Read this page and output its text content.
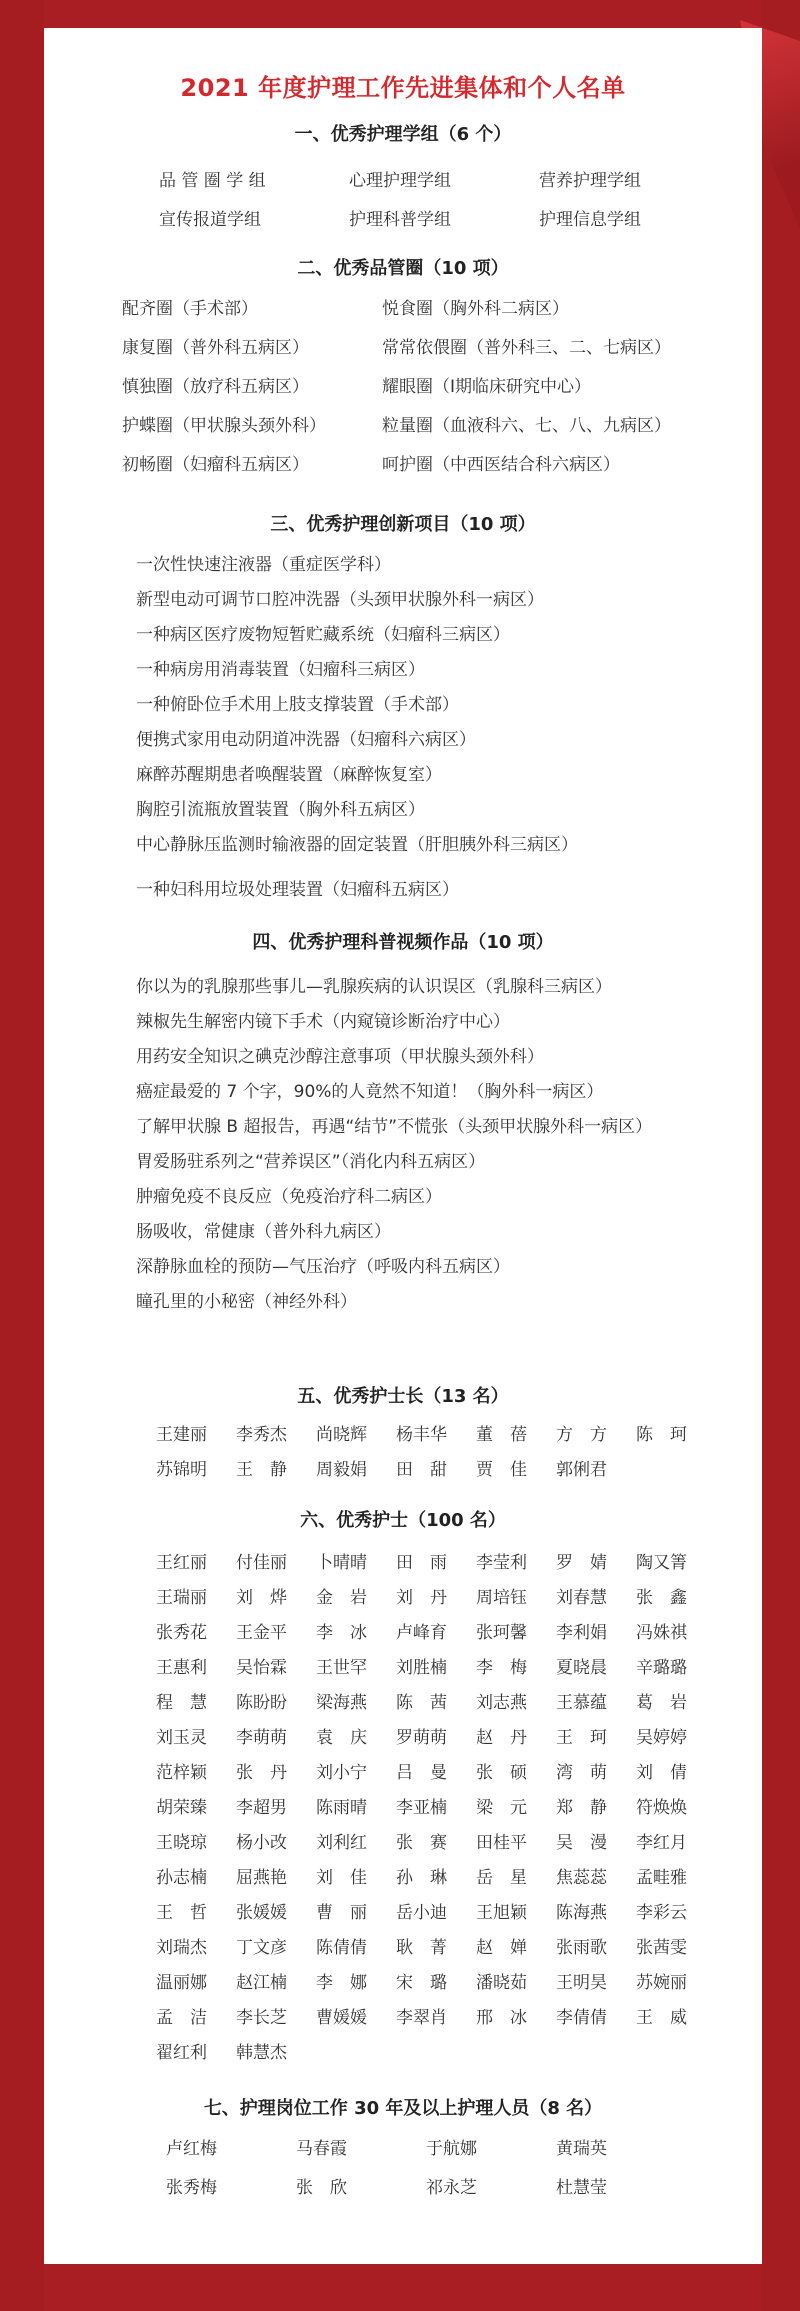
2021 年度护理工作先进集体和个人名单
一、优秀护理学组（6 个）
品 管 圈 学 组	心理护理学组	营养护理学组
宣传报道学组	护理科普学组	护理信息学组
二、优秀品管圈（10 项）
配齐圈（手术部）	悦食圈（胸外科二病区）
康复圈（普外科五病区）	常常依偎圈（普外科三、二、七病区）
慎独圈（放疗科五病区）	耀眼圈（Ⅰ期临床研究中心）
护蝶圈（甲状腺头颈外科）	粒量圈（血液科六、七、八、九病区）
初畅圈（妇瘤科五病区）	呵护圈（中西医结合科六病区）
三、优秀护理创新项目（10 项）
一次性快速注液器（重症医学科）
新型电动可调节口腔冲洗器（头颈甲状腺外科一病区）
一种病区医疗废物短暂贮藏系统（妇瘤科三病区）
一种病房用消毒装置（妇瘤科三病区）
一种俯卧位手术用上肢支撑装置（手术部）
便携式家用电动阴道冲洗器（妇瘤科六病区）
麻醉苏醒期患者唤醒装置（麻醉恢复室）
胸腔引流瓶放置装置（胸外科五病区）
中心静脉压监测时输液器的固定装置（肝胆胰外科三病区）
一种妇科用垃圾处理装置（妇瘤科五病区）
四、优秀护理科普视频作品（10 项）
你以为的乳腺那些事儿—乳腺疾病的认识误区（乳腺科三病区）
辣椒先生解密内镜下手术（内窥镜诊断治疗中心）
用药安全知识之碘克沙醇注意事项（甲状腺头颈外科）
癌症最爱的 7 个字，90%的人竟然不知道！（胸外科一病区）
了解甲状腺 B 超报告，再遇“结节”不慌张（头颈甲状腺外科一病区）
胃爱肠驻系列之“营养误区”（消化内科五病区）
肿瘤免疫不良反应（免疫治疗科二病区）
肠吸收，常健康（普外科九病区）
深静脉血栓的预防—气压治疗（呼吸内科五病区）
瞳孔里的小秘密（神经外科）
五、优秀护士长（13 名）
王建丽	李秀杰	尚晓辉	杨丰华	董　蓓	方　方	陈　珂
苏锦明	王　静	周毅娟	田　甜	贾　佳	郭俐君
六、优秀护士（100 名）
王红丽	付佳丽	卜晴晴	田　雨	李莹利	罗　婧	陶又箐
王瑞丽	刘　烨	金　岩	刘　丹	周培钰	刘春慧	张　鑫
张秀花	王金平	李　冰	卢峰育	张珂馨	李利娟	冯姝祺
王惠利	吴怡霖	王世罕	刘胜楠	李　梅	夏晓晨	辛璐璐
程　慧	陈盼盼	梁海燕	陈　茜	刘志燕	王慕蕴	葛　岩
刘玉灵	李萌萌	袁　庆	罗萌萌	赵　丹	王　珂	吴婷婷
范梓颖	张　丹	刘小宁	吕　曼	张　硕	湾　萌	刘　倩
胡荣臻	李超男	陈雨晴	李亚楠	梁　元	郑　静	符焕焕
王晓琼	杨小改	刘利红	张　赛	田桂平	吴　漫	李红月
孙志楠	屈燕艳	刘　佳	孙　琳	岳　星	焦蕊蕊	孟畦雅
王　哲	张媛媛	曹　丽	岳小迪	王旭颖	陈海燕	李彩云
刘瑞杰	丁文彦	陈倩倩	耿　菁	赵　婵	张雨歌	张茜雯
温丽娜	赵江楠	李　娜	宋　璐	潘晓茹	王明昊	苏婉丽
孟　洁	李长芝	曹媛媛	李翠肖	邢　冰	李倩倩	王　威
翟红利	韩慧杰
七、护理岗位工作 30 年及以上护理人员（8 名）
卢红梅	马春霞	于航娜	黄瑞英
张秀梅	张　欣	祁永芝	杜慧莹
